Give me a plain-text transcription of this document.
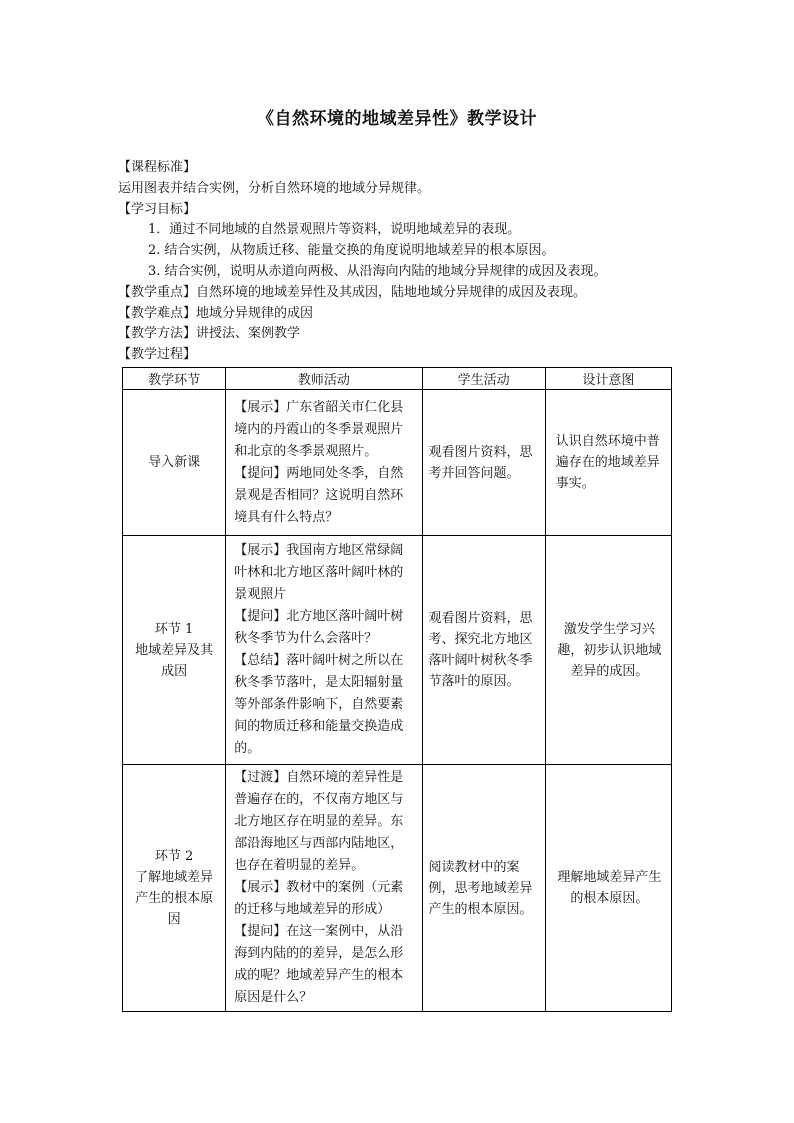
《自然环境的地域差异性》教学设计
【课程标准】
运用图表并结合实例，分析自然环境的地域分异规律。
【学习目标】
1．通过不同地域的自然景观照片等资料，说明地域差异的表现。
2. 结合实例，从物质迁移、能量交换的角度说明地域差异的根本原因。
3. 结合实例，说明从赤道向两极、从沿海向内陆的地域分异规律的成因及表现。
【教学重点】自然环境的地域差异性及其成因，陆地地域分异规律的成因及表现。
【教学难点】地域分异规律的成因
【教学方法】讲授法、案例教学
【教学过程】
教学环节	教师活动	学生活动	设计意图

导入新课	【展示】广东省韶关市仁化县境内的丹霞山的冬季景观照片和北京的冬季景观照片。
【提问】两地同处冬季，自然景观是否相同？这说明自然环境具有什么特点？	观看图片资料，思考并回答问题。	认识自然环境中普遍存在的地域差异事实。

环节 1
地域差异及其成因	【展示】我国南方地区常绿阔叶林和北方地区落叶阔叶林的景观照片
【提问】北方地区落叶阔叶树秋冬季节为什么会落叶？
【总结】落叶阔叶树之所以在秋冬季节落叶，是太阳辐射量等外部条件影响下，自然要素间的物质迁移和能量交换造成的。	观看图片资料，思考、探究北方地区落叶阔叶树秋冬季节落叶的原因。	激发学生学习兴趣，初步认识地域差异的成因。

环节 2
了解地域差异产生的根本原因	【过渡】自然环境的差异性是普遍存在的，不仅南方地区与北方地区存在明显的差异。东部沿海地区与西部内陆地区，也存在着明显的差异。
【展示】教材中的案例（元素的迁移与地域差异的形成）
【提问】在这一案例中，从沿海到内陆的的差异，是怎么形成的呢？地域差异产生的根本原因是什么？	阅读教材中的案例，思考地域差异产生的根本原因。	理解地域差异产生的根本原因。
